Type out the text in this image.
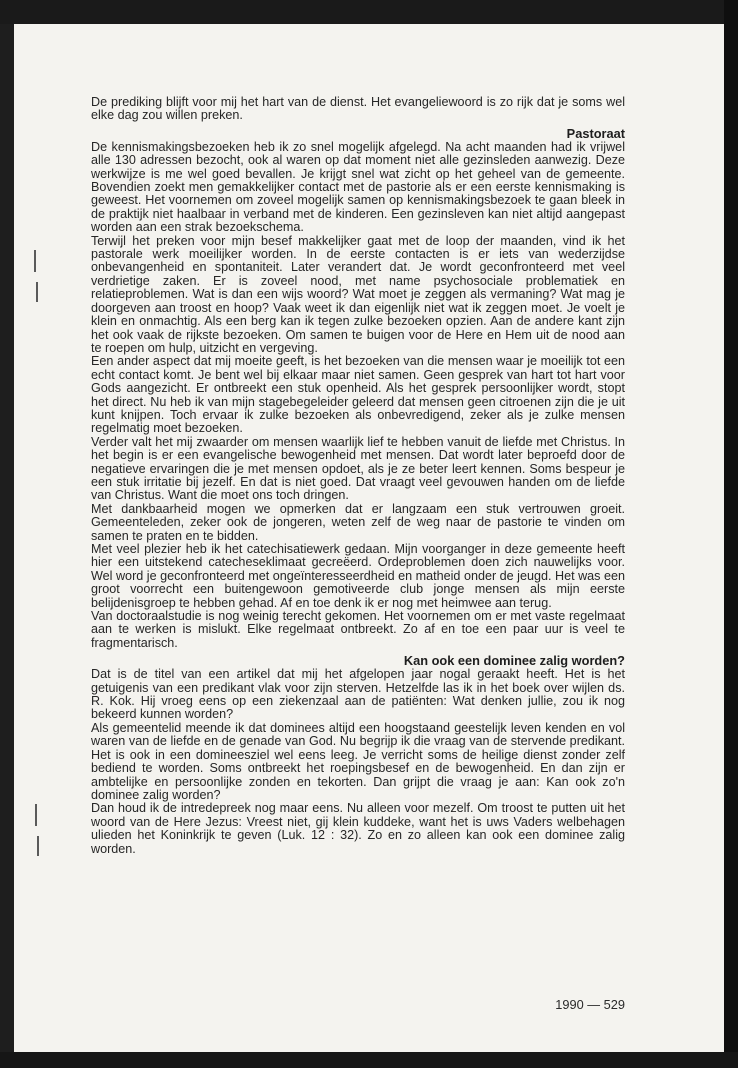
De prediking blijft voor mij het hart van de dienst. Het evangeliewoord is zo rijk dat je soms wel elke dag zou willen preken.

Pastoraat

De kennismakingsbezoeken heb ik zo snel mogelijk afgelegd. Na acht maanden had ik vrijwel alle 130 adressen bezocht, ook al waren op dat moment niet alle gezinsleden aanwezig. Deze werkwijze is me wel goed bevallen. Je krijgt snel wat zicht op het geheel van de gemeente. Bovendien zoekt men gemakkelijker contact met de pastorie als er een eerste kennismaking is geweest. Het voornemen om zoveel mogelijk samen op kennismakingsbezoek te gaan bleek in de praktijk niet haalbaar in verband met de kinderen. Een gezinsleven kan niet altijd aangepast worden aan een strak bezoekschema.

Terwijl het preken voor mijn besef makkelijker gaat met de loop der maanden, vind ik het pastorale werk moeilijker worden. In de eerste contacten is er iets van wederzijdse onbevangenheid en spontaniteit. Later verandert dat. Je wordt geconfronteerd met veel verdrietige zaken. Er is zoveel nood, met name psychosociale problematiek en relatieproblemen. Wat is dan een wijs woord? Wat moet je zeggen als vermaning? Wat mag je doorgeven aan troost en hoop? Vaak weet ik dan eigenlijk niet wat ik zeggen moet. Je voelt je klein en onmachtig. Als een berg kan ik tegen zulke bezoeken opzien. Aan de andere kant zijn het ook vaak de rijkste bezoeken. Om samen te buigen voor de Here en Hem uit de nood aan te roepen om hulp, uitzicht en vergeving.

Een ander aspect dat mij moeite geeft, is het bezoeken van die mensen waar je moeilijk tot een echt contact komt. Je bent wel bij elkaar maar niet samen. Geen gesprek van hart tot hart voor Gods aangezicht. Er ontbreekt een stuk openheid. Als het gesprek persoonlijker wordt, stopt het direct. Nu heb ik van mijn stagebegeleider geleerd dat mensen geen citroenen zijn die je uit kunt knijpen. Toch ervaar ik zulke bezoeken als onbevredigend, zeker als je zulke mensen regelmatig moet bezoeken.

Verder valt het mij zwaarder om mensen waarlijk lief te hebben vanuit de liefde met Christus. In het begin is er een evangelische bewogenheid met mensen. Dat wordt later beproefd door de negatieve ervaringen die je met mensen opdoet, als je ze beter leert kennen. Soms bespeur je een stuk irritatie bij jezelf. En dat is niet goed. Dat vraagt veel gevouwen handen om de liefde van Christus. Want die moet ons toch dringen.

Met dankbaarheid mogen we opmerken dat er langzaam een stuk vertrouwen groeit. Gemeenteleden, zeker ook de jongeren, weten zelf de weg naar de pastorie te vinden om samen te praten en te bidden.

Met veel plezier heb ik het catechisatiewerk gedaan. Mijn voorganger in deze gemeente heeft hier een uitstekend catecheseklimaat gecreëerd. Ordeproblemen doen zich nauwelijks voor. Wel word je geconfronteerd met ongeïnteresseerdheid en matheid onder de jeugd. Het was een groot voorrecht een buitengewoon gemotiveerde club jonge mensen als mijn eerste belijdenisgroep te hebben gehad. Af en toe denk ik er nog met heimwee aan terug.

Van doctoraalstudie is nog weinig terecht gekomen. Het voornemen om er met vaste regelmaat aan te werken is mislukt. Elke regelmaat ontbreekt. Zo af en toe een paar uur is veel te fragmentarisch.

Kan ook een dominee zalig worden?

Dat is de titel van een artikel dat mij het afgelopen jaar nogal geraakt heeft. Het is het getuigenis van een predikant vlak voor zijn sterven. Hetzelfde las ik in het boek over wijlen ds. R. Kok. Hij vroeg eens op een ziekenzaal aan de patiënten: Wat denken jullie, zou ik nog bekeerd kunnen worden?

Als gemeentelid meende ik dat dominees altijd een hoogstaand geestelijk leven kenden en vol waren van de liefde en de genade van God. Nu begrijp ik die vraag van de stervende predikant. Het is ook in een domineesziel wel eens leeg. Je verricht soms de heilige dienst zonder zelf bediend te worden. Soms ontbreekt het roepingsbesef en de bewogenheid. En dan zijn er ambtelijke en persoonlijke zonden en tekorten. Dan grijpt die vraag je aan: Kan ook zo'n dominee zalig worden?

Dan houd ik de intredepreek nog maar eens. Nu alleen voor mezelf. Om troost te putten uit het woord van de Here Jezus: Vreest niet, gij klein kuddeke, want het is uws Vaders welbehagen ulieden het Koninkrijk te geven (Luk. 12 : 32). Zo en zo alleen kan ook een dominee zalig worden.

1990 — 529
